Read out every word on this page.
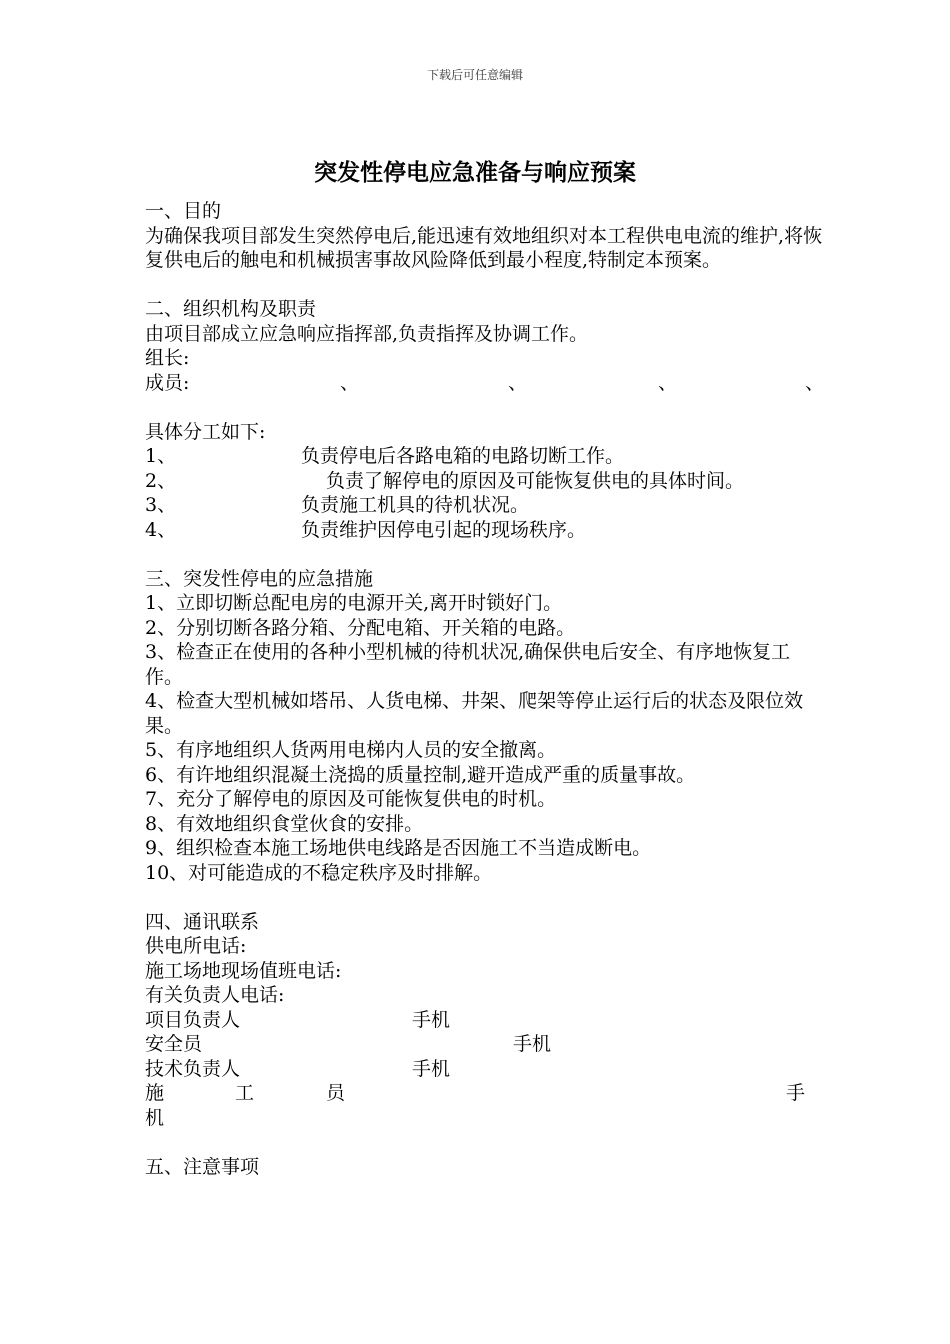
下载后可任意编辑
突发性停电应急准备与响应预案
一、目的
为确保我项目部发生突然停电后,能迅速有效地组织对本工程供电电流的维护,将恢复供电后的触电和机械损害事故风险降低到最小程度,特制定本预案。
二、组织机构及职责
由项目部成立应急响应指挥部,负责指挥及协调工作。
组长:
成员:	、	、	、	、
具体分工如下:
1、	负责停电后各路电箱的电路切断工作。
2、	负责了解停电的原因及可能恢复供电的具体时间。
3、	负责施工机具的待机状况。
4、	负责维护因停电引起的现场秩序。
三、突发性停电的应急措施
1、立即切断总配电房的电源开关,离开时锁好门。
2、分别切断各路分箱、分配电箱、开关箱的电路。
3、检查正在使用的各种小型机械的待机状况,确保供电后安全、有序地恢复工作。
4、检查大型机械如塔吊、人货电梯、井架、爬架等停止运行后的状态及限位效果。
5、有序地组织人货两用电梯内人员的安全撤离。
6、有许地组织混凝土浇捣的质量控制,避开造成严重的质量事故。
7、充分了解停电的原因及可能恢复供电的时机。
8、有效地组织食堂伙食的安排。
9、组织检查本施工场地供电线路是否因施工不当造成断电。
10、对可能造成的不稳定秩序及时排解。
四、通讯联系
供电所电话:
施工场地现场值班电话:
有关负责人电话:
项目负责人	手机
安全员	手机
技术负责人	手机
施	工	员	手
机
五、注意事项
